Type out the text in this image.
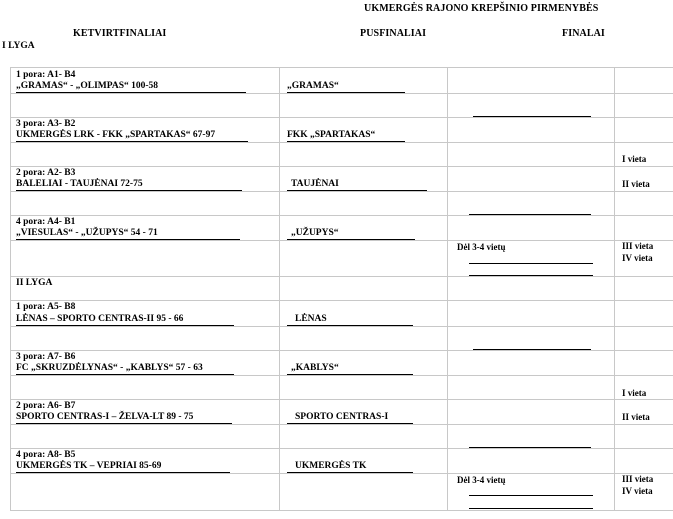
UKMERGĖS RAJONO KREPŠINIO PIRMENYBĖS
KETVIRTFINALIAI	PUSFINALIAI	FINALAI
I LYGA
1 pora: A1- B4
„GRAMAS“ - „OLIMPAS“ 100-58
3 pora: A3- B2
UKMERGĖS LRK - FKK „SPARTAKAS“ 67-97
2 pora: A2- B3
BALELIAI - TAUJĖNAI 72-75
4 pora: A4- B1
„VIESULAS“ - „UŽUPYS“ 54 - 71
„GRAMAS“
FKK „SPARTAKAS“
TAUJĖNAI
„UŽUPYS“
Dėl 3-4 vietų
I vieta
II vieta
III vieta
IV vieta
II LYGA
1 pora: A5- B8
LĖNAS – SPORTO CENTRAS-II 95 - 66
3 pora: A7- B6
FC „SKRUZDĖLYNAS“ - „KABLYS“ 57 - 63
2 pora: A6- B7
SPORTO CENTRAS-I – ŽELVA-LT 89 - 75
4 pora: A8- B5
UKMERGĖS TK – VEPRIAI 85-69
LĖNAS
„KABLYS“
SPORTO CENTRAS-I
UKMERGĖS TK
Dėl 3-4 vietų
I vieta
II vieta
III vieta
IV vieta
